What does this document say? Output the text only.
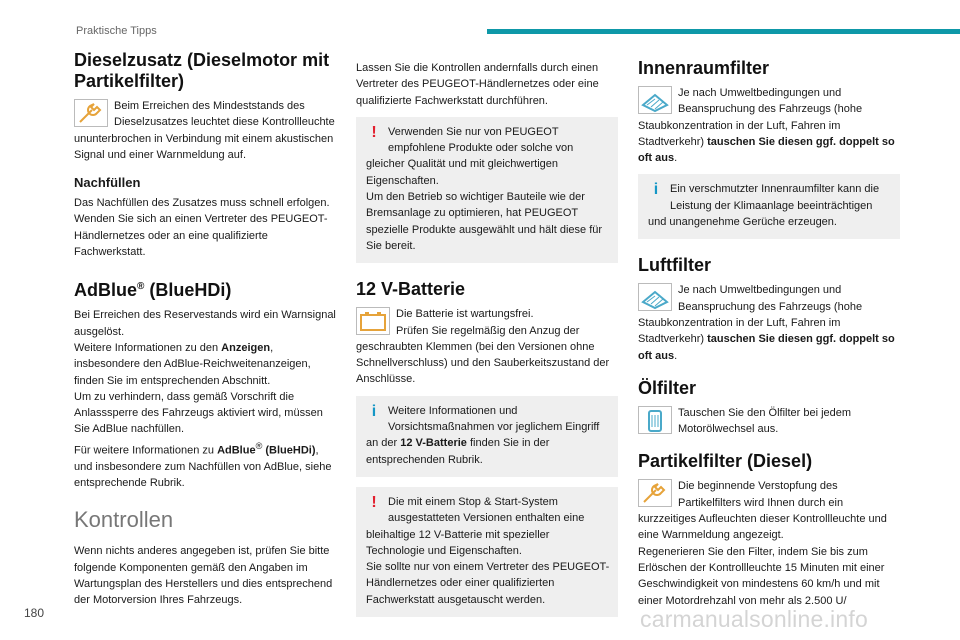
Praktische Tipps
Dieselzusatz (Dieselmotor mit Partikelfilter)

Beim Erreichen des Mindeststands des Dieselzusatzes leuchtet diese Kontrollleuchte ununterbrochen in Verbindung mit einem akustischen Signal und einer Warnmeldung auf.

Nachfüllen

Das Nachfüllen des Zusatzes muss schnell erfolgen. Wenden Sie sich an einen Vertreter des PEUGEOT-Händlernetzes oder an eine qualifizierte Fachwerkstatt.

AdBlue® (BlueHDi)

Bei Erreichen des Reservestands wird ein Warnsignal ausgelöst.

Weitere Informationen zu den Anzeigen, insbesondere den AdBlue-Reichweitenanzeigen, finden Sie im entsprechenden Abschnitt.

Um zu verhindern, dass gemäß Vorschrift die Anlasssperre des Fahrzeugs aktiviert wird, müssen Sie AdBlue nachfüllen.

Für weitere Informationen zu AdBlue® (BlueHDi), und insbesondere zum Nachfüllen von AdBlue, siehe entsprechende Rubrik.

Kontrollen

Wenn nichts anderes angegeben ist, prüfen Sie bitte folgende Komponenten gemäß den Angaben im Wartungsplan des Herstellers und dies entsprechend der Motorversion Ihres Fahrzeugs.

Lassen Sie die Kontrollen andernfalls durch einen Vertreter des PEUGEOT-Händlernetzes oder eine qualifizierte Fachwerkstatt durchführen.

!	Verwenden Sie nur von PEUGEOT empfohlene Produkte oder solche von gleicher Qualität und mit gleichwertigen Eigenschaften.
Um den Betrieb so wichtiger Bauteile wie der Bremsanlage zu optimieren, hat PEUGEOT spezielle Produkte ausgewählt und hält diese für Sie bereit.
12 V-Batterie

Die Batterie ist wartungsfrei.
Prüfen Sie regelmäßig den Anzug der geschraubten Klemmen (bei den Versionen ohne Schnellverschluss) und den Sauberkeitszustand der Anschlüsse.

i	Weitere Informationen und Vorsichtsmaßnahmen vor jeglichem Eingriff an der 12 V-Batterie finden Sie in der entsprechenden Rubrik.
!	Die mit einem Stop & Start-System ausgestatteten Versionen enthalten eine bleihaltige 12 V-Batterie mit spezieller Technologie und Eigenschaften.
Sie sollte nur von einem Vertreter des PEUGEOT-Händlernetzes oder einer qualifizierten Fachwerkstatt ausgetauscht werden.
Innenraumfilter

Je nach Umweltbedingungen und Beanspruchung des Fahrzeugs (hohe Staubkonzentration in der Luft, Fahren im Stadtverkehr) tauschen Sie diesen ggf. doppelt so oft aus.

i	Ein verschmutzter Innenraumfilter kann die Leistung der Klimaanlage beeinträchtigen und unangenehme Gerüche erzeugen.
Luftfilter

Je nach Umweltbedingungen und Beanspruchung des Fahrzeugs (hohe Staubkonzentration in der Luft, Fahren im Stadtverkehr) tauschen Sie diesen ggf. doppelt so oft aus.

Ölfilter

Tauschen Sie den Ölfilter bei jedem Motorölwechsel aus.

Partikelfilter (Diesel)

Die beginnende Verstopfung des Partikelfilters wird Ihnen durch ein kurzzeitiges Aufleuchten dieser Kontrollleuchte und eine Warnmeldung angezeigt.

Regenerieren Sie den Filter, indem Sie bis zum Erlöschen der Kontrollleuchte 15 Minuten mit einer Geschwindigkeit von mindestens 60 km/h und mit einer Motordrehzahl von mehr als 2.500 U/

180	carmanualsonline.info
